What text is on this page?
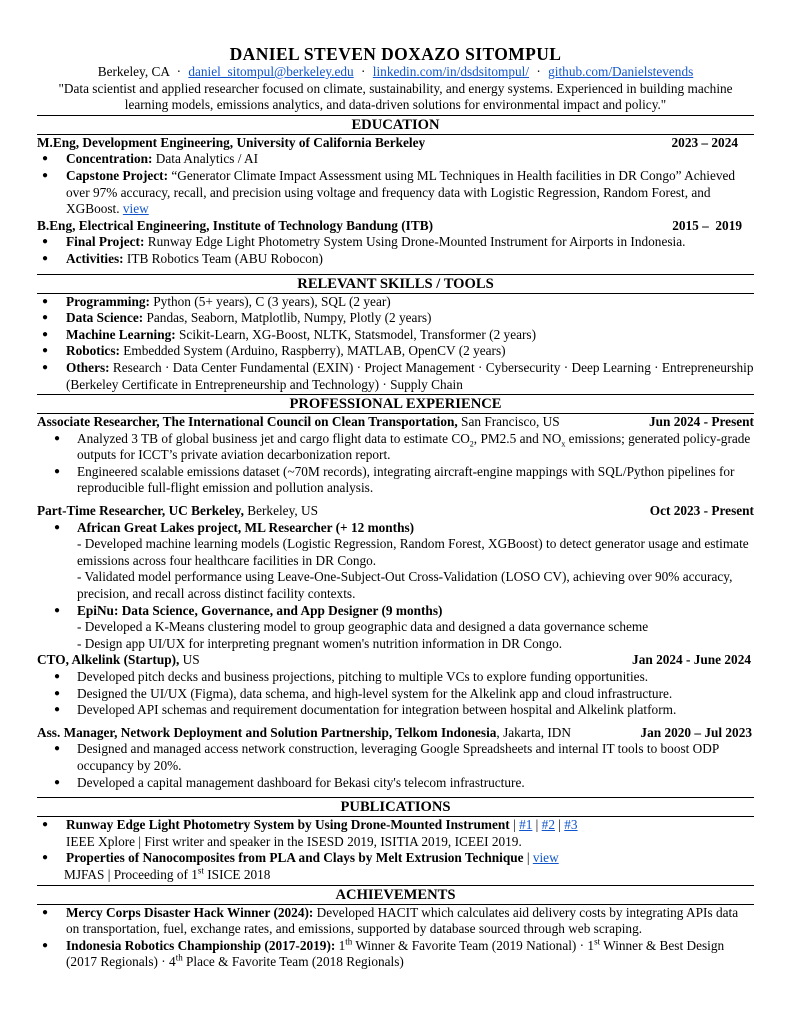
DANIEL STEVEN DOXAZO SITOMPUL
Berkeley, CA · daniel_sitompul@berkeley.edu · linkedin.com/in/dsdsitompul/ · github.com/Danielstevends
"Data scientist and applied researcher focused on climate, sustainability, and energy systems. Experienced in building machine learning models, emissions analytics, and data-driven solutions for environmental impact and policy."
EDUCATION
M.Eng, Development Engineering, University of California Berkeley	2023 – 2024
● Concentration: Data Analytics / AI
● Capstone Project: “Generator Climate Impact Assessment using ML Techniques in Health facilities in DR Congo” Achieved over 97% accuracy, recall, and precision using voltage and frequency data with Logistic Regression, Random Forest, and XGBoost. view
B.Eng, Electrical Engineering, Institute of Technology Bandung (ITB)	2015 –  2019
● Final Project: Runway Edge Light Photometry System Using Drone-Mounted Instrument for Airports in Indonesia.
● Activities: ITB Robotics Team (ABU Robocon)
RELEVANT SKILLS / TOOLS
● Programming: Python (5+ years), C (3 years), SQL (2 year)
● Data Science: Pandas, Seaborn, Matplotlib, Numpy, Plotly (2 years)
● Machine Learning: Scikit-Learn, XG-Boost, NLTK, Statsmodel, Transformer (2 years)
● Robotics: Embedded System (Arduino, Raspberry), MATLAB, OpenCV (2 years)
● Others: Research · Data Center Fundamental (EXIN) · Project Management · Cybersecurity · Deep Learning · Entrepreneurship (Berkeley Certificate in Entrepreneurship and Technology) · Supply Chain
PROFESSIONAL EXPERIENCE
Associate Researcher, The International Council on Clean Transportation, San Francisco, US	Jun 2024 - Present
● Analyzed 3 TB of global business jet and cargo flight data to estimate $CO_2$, PM2.5 and $NO_x$ emissions; generated policy-grade outputs for ICCT’s private aviation decarbonization report.
● Engineered scalable emissions dataset (~70M records), integrating aircraft-engine mappings with SQL/Python pipelines for reproducible full-flight emission and pollution analysis.
Part-Time Researcher, UC Berkeley, Berkeley, US	Oct 2023 - Present
● African Great Lakes project, ML Researcher (+ 12 months)
- Developed machine learning models (Logistic Regression, Random Forest, XGBoost) to detect generator usage and estimate emissions across four healthcare facilities in DR Congo.
- Validated model performance using Leave-One-Subject-Out Cross-Validation (LOSO CV), achieving over 90% accuracy, precision, and recall across distinct facility contexts.
● EpiNu: Data Science, Governance, and App Designer (9 months)
- Developed a K-Means clustering model to group geographic data and designed a data governance scheme
- Design app UI/UX for interpreting pregnant women's nutrition information in DR Congo.
CTO, Alkelink (Startup), US	Jan 2024 - June 2024
● Developed pitch decks and business projections, pitching to multiple VCs to explore funding opportunities.
● Designed the UI/UX (Figma), data schema, and high-level system for the Alkelink app and cloud infrastructure.
● Developed API schemas and requirement documentation for integration between hospital and Alkelink platform.
Ass. Manager, Network Deployment and Solution Partnership, Telkom Indonesia, Jakarta, IDN	Jan 2020 – Jul 2023
● Designed and managed access network construction, leveraging Google Spreadsheets and internal IT tools to boost ODP occupancy by 20%.
● Developed a capital management dashboard for Bekasi city's telecom infrastructure.
PUBLICATIONS
● Runway Edge Light Photometry System by Using Drone-Mounted Instrument | #1 | #2 | #3
IEEE Xplore | First writer and speaker in the ISESD 2019, ISITIA 2019, ICEEI 2019.
● Properties of Nanocomposites from PLA and Clays by Melt Extrusion Technique | view
MJFAS | Proceeding of 1st ISICE 2018
ACHIEVEMENTS
● Mercy Corps Disaster Hack Winner (2024): Developed HACIT which calculates aid delivery costs by integrating APIs data on transportation, fuel, exchange rates, and emissions, supported by database sourced through web scraping.
● Indonesia Robotics Championship (2017-2019): 1th Winner & Favorite Team (2019 National) · 1st Winner & Best Design (2017 Regionals) · 4th Place & Favorite Team (2018 Regionals)
